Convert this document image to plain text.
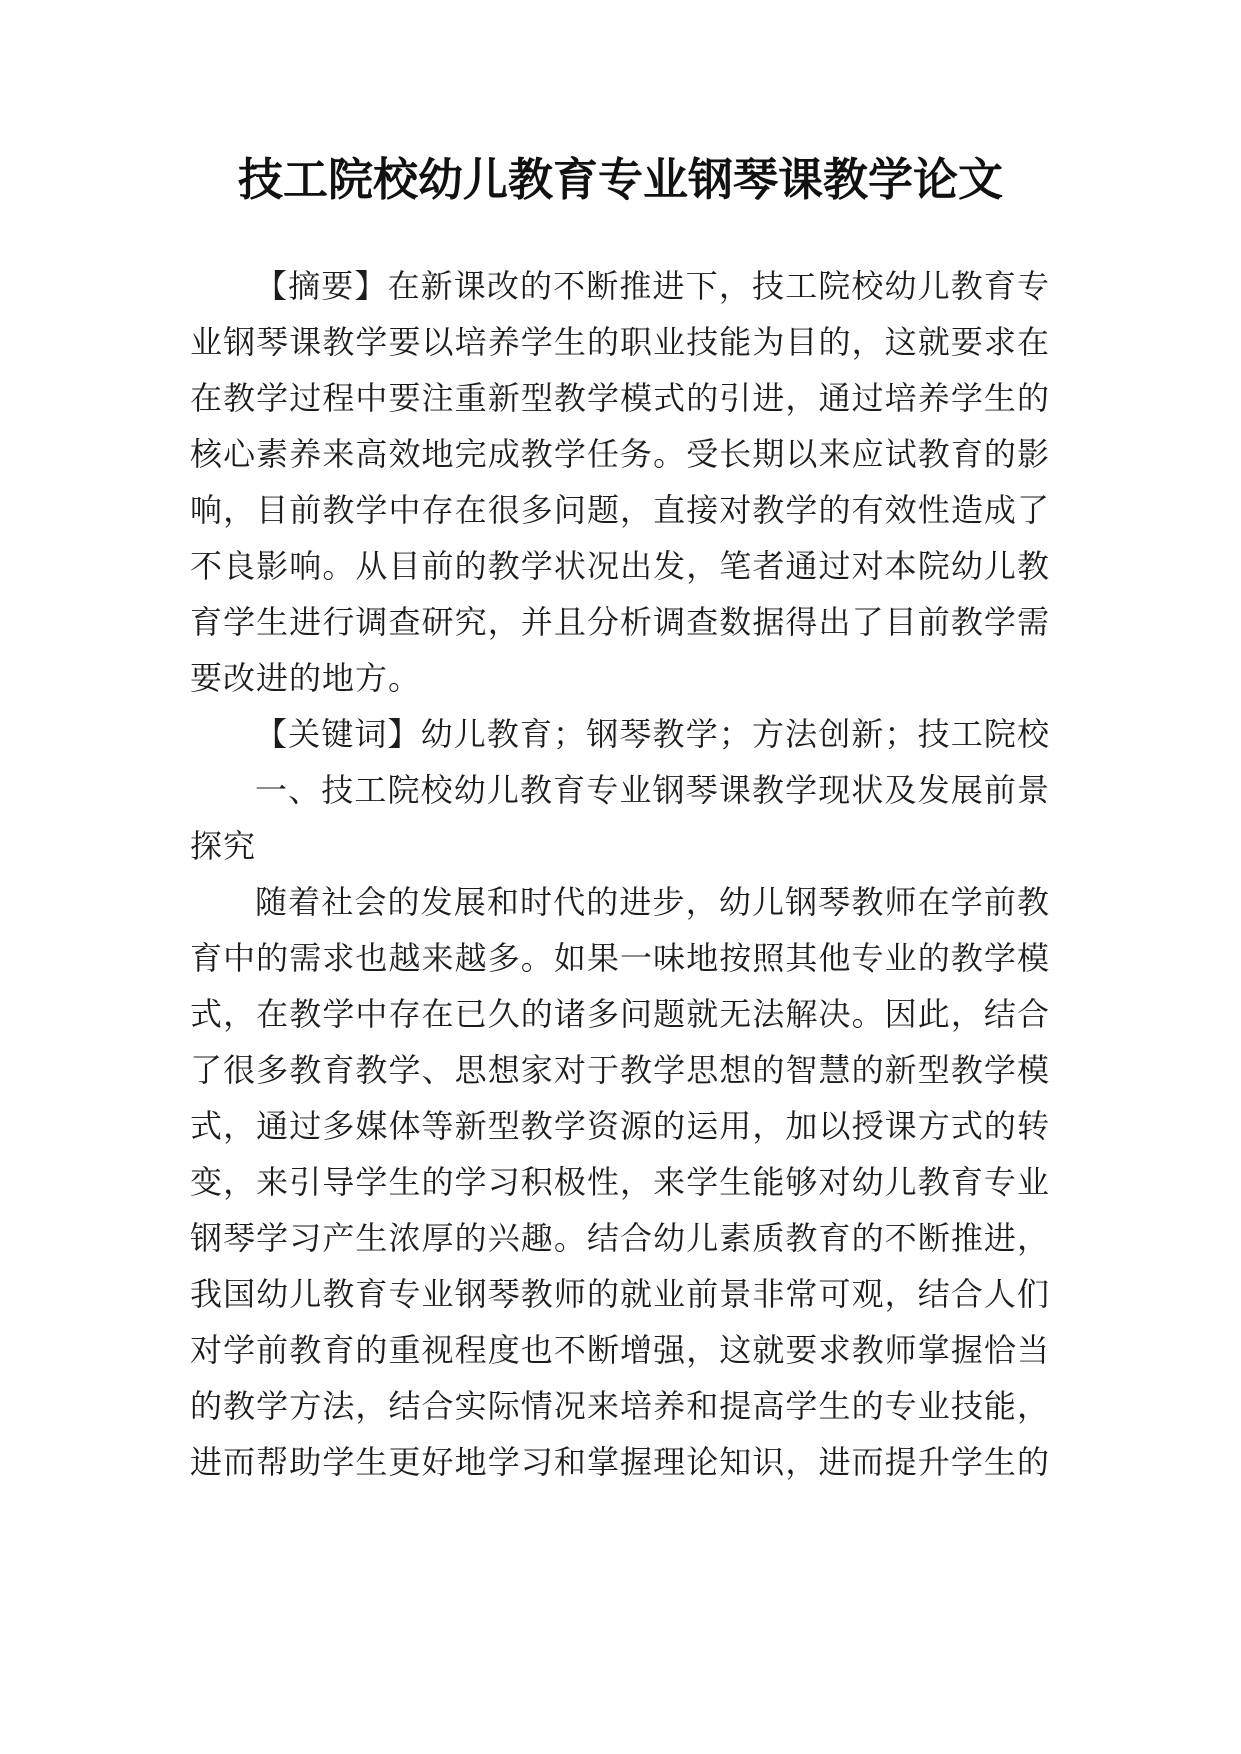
技工院校幼儿教育专业钢琴课教学论文
【摘要】在新课改的不断推进下，技工院校幼儿教育专
业钢琴课教学要以培养学生的职业技能为目的，这就要求在
在教学过程中要注重新型教学模式的引进，通过培养学生的
核心素养来高效地完成教学任务。受长期以来应试教育的影
响，目前教学中存在很多问题，直接对教学的有效性造成了
不良影响。从目前的教学状况出发，笔者通过对本院幼儿教
育学生进行调查研究，并且分析调查数据得出了目前教学需
要改进的地方。
【关键词】幼儿教育；钢琴教学；方法创新；技工院校
一、技工院校幼儿教育专业钢琴课教学现状及发展前景
探究
随着社会的发展和时代的进步，幼儿钢琴教师在学前教
育中的需求也越来越多。如果一味地按照其他专业的教学模
式，在教学中存在已久的诸多问题就无法解决。因此，结合
了很多教育教学、思想家对于教学思想的智慧的新型教学模
式，通过多媒体等新型教学资源的运用，加以授课方式的转
变，来引导学生的学习积极性，来学生能够对幼儿教育专业
钢琴学习产生浓厚的兴趣。结合幼儿素质教育的不断推进，
我国幼儿教育专业钢琴教师的就业前景非常可观，结合人们
对学前教育的重视程度也不断增强，这就要求教师掌握恰当
的教学方法，结合实际情况来培养和提高学生的专业技能，
进而帮助学生更好地学习和掌握理论知识，进而提升学生的
